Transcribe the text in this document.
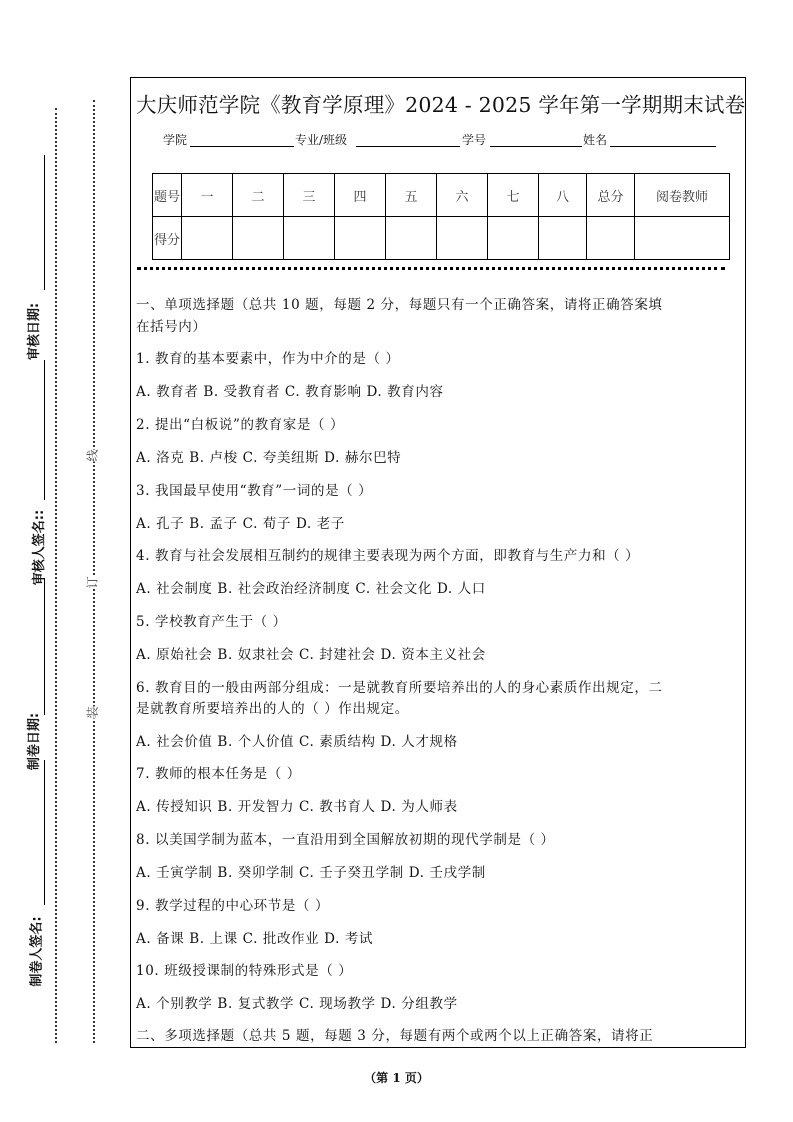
审核日期:
审核人签名::
制卷日期:
制卷人签名:
线
订
装
大庆师范学院《教育学原理》2024 - 2025 学年第一学期期末试卷
学院	专业/班级	学号	姓名
题号	一	二	三	四	五	六	七	八	总分	阅卷教师
得分										
一、单项选择题（总共 10 题，每题 2 分，每题只有一个正确答案，请将正确答案填
在括号内）
1. 教育的基本要素中，作为中介的是（ ）
A. 教育者 B. 受教育者 C. 教育影响 D. 教育内容
2. 提出“白板说”的教育家是（ ）
A. 洛克 B. 卢梭 C. 夸美纽斯 D. 赫尔巴特
3. 我国最早使用“教育”一词的是（ ）
A. 孔子 B. 孟子 C. 荀子 D. 老子
4. 教育与社会发展相互制约的规律主要表现为两个方面，即教育与生产力和（ ）
A. 社会制度 B. 社会政治经济制度 C. 社会文化 D. 人口
5. 学校教育产生于（ ）
A. 原始社会 B. 奴隶社会 C. 封建社会 D. 资本主义社会
6. 教育目的一般由两部分组成：一是就教育所要培养出的人的身心素质作出规定，二
是就教育所要培养出的人的（ ）作出规定。
A. 社会价值 B. 个人价值 C. 素质结构 D. 人才规格
7. 教师的根本任务是（ ）
A. 传授知识 B. 开发智力 C. 教书育人 D. 为人师表
8. 以美国学制为蓝本，一直沿用到全国解放初期的现代学制是（ ）
A. 壬寅学制 B. 癸卯学制 C. 壬子癸丑学制 D. 壬戌学制
9. 教学过程的中心环节是（ ）
A. 备课 B. 上课 C. 批改作业 D. 考试
10. 班级授课制的特殊形式是（ ）
A. 个别教学 B. 复式教学 C. 现场教学 D. 分组教学
二、多项选择题（总共 5 题，每题 3 分，每题有两个或两个以上正确答案，请将正
（第 1 页）
